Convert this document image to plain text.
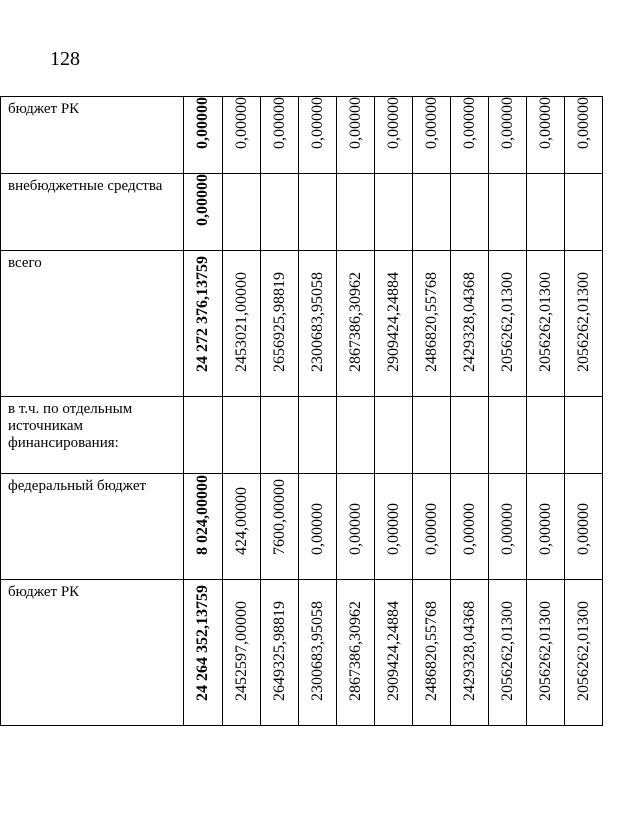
128
бюджет РК	0,00000	0,00000	0,00000	0,00000	0,00000	0,00000	0,00000	0,00000	0,00000	0,00000	0,00000

внебюджетные средства	0,00000										

всего	24 272 376,13759	2453021,00000	2656925,98819	2300683,95058	2867386,30962	2909424,24884	2486820,55768	2429328,04368	2056262,01300	2056262,01300	2056262,01300

в т.ч. по отдельным источникам финансирования:	

федеральный бюджет	8 024,00000	424,00000	7600,00000	0,00000	0,00000	0,00000	0,00000	0,00000	0,00000	0,00000	0,00000

бюджет РК	24 264 352,13759	2452597,00000	2649325,98819	2300683,95058	2867386,30962	2909424,24884	2486820,55768	2429328,04368	2056262,01300	2056262,01300	2056262,01300
